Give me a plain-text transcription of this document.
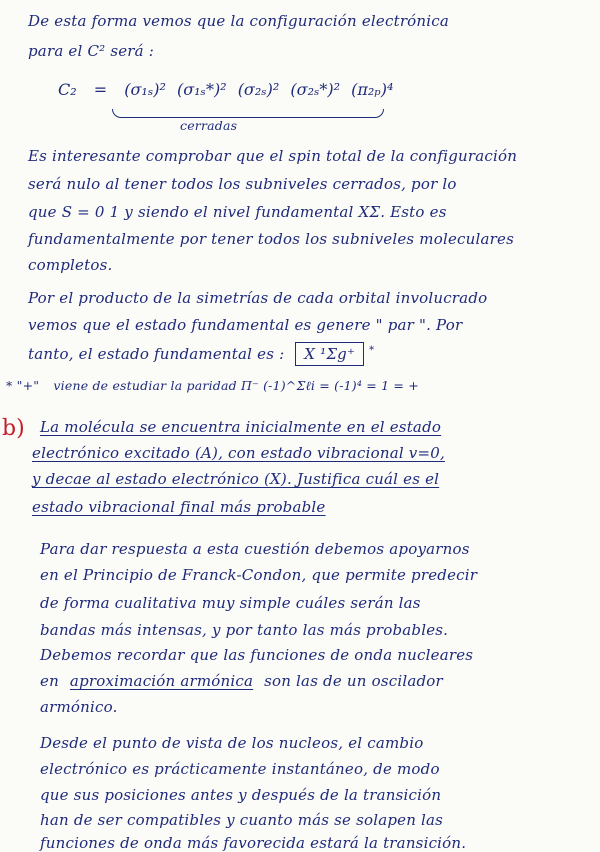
De esta forma vemos que la configuración electrónica
para el C² será :
C₂ = (σ₁ₛ)² (σ₁ₛ*)² (σ₂ₛ)² (σ₂ₛ*)² (π₂ₚ)⁴
cerradas
Es interesante comprobar que el spin total de la configuración
será nulo al tener todos los subniveles cerrados, por lo
que S = 0 1 y siendo el nivel fundamental XΣ. Esto es
fundamentalmente por tener todos los subniveles moleculares
completos.
Por el producto de la simetrías de cada orbital involucrado
vemos que el estado fundamental es genere " par ". Por
tanto, el estado fundamental es : X ¹Σg⁺ *
* "+" viene de estudiar la paridad Π⁻ (-1)^Σℓi = (-1)⁴ = 1 = +
b) La molécula se encuentra inicialmente en el estado
electrónico excitado (A), con estado vibracional v=0,
y decae al estado electrónico (X). Justifica cuál es el
estado vibracional final más probable
Para dar respuesta a esta cuestión debemos apoyarnos
en el Principio de Franck-Condon, que permite predecir
de forma cualitativa muy simple cuáles serán las
bandas más intensas, y por tanto las más probables.
Debemos recordar que las funciones de onda nucleares
en aproximación armónica son las de un oscilador
armónico.
Desde el punto de vista de los nucleos, el cambio
electrónico es prácticamente instantáneo, de modo
que sus posiciones antes y después de la transición
han de ser compatibles y cuanto más se solapen las
funciones de onda más favorecida estará la transición.
